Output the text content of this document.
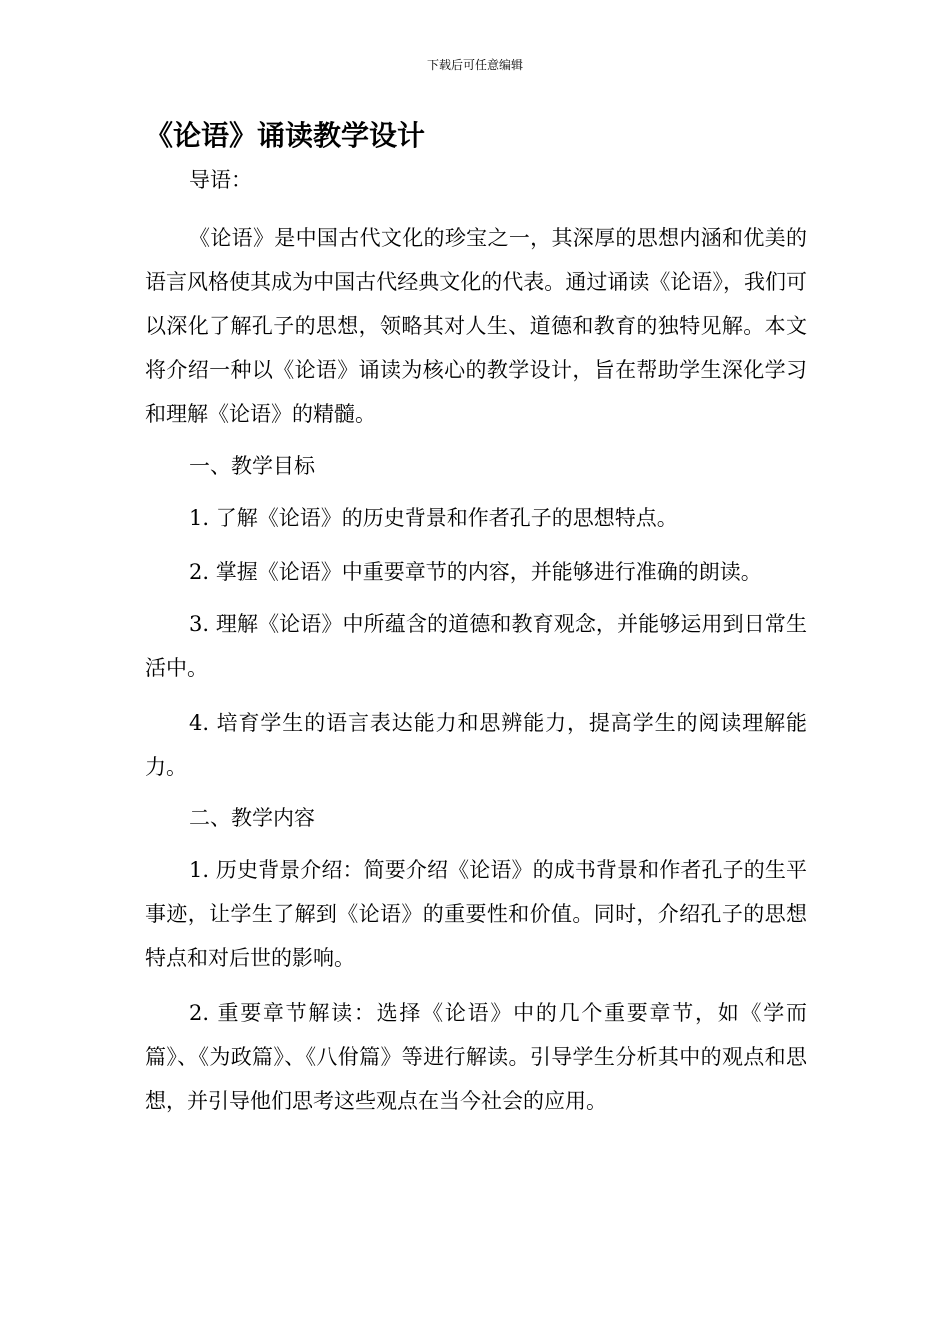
下载后可任意编辑
《论语》诵读教学设计

导语：

《论语》是中国古代文化的珍宝之一，其深厚的思想内涵和优美的语言风格使其成为中国古代经典文化的代表。通过诵读《论语》，我们可以深化了解孔子的思想，领略其对人生、道德和教育的独特见解。本文将介绍一种以《论语》诵读为核心的教学设计，旨在帮助学生深化学习和理解《论语》的精髓。

一、教学目标

1. 了解《论语》的历史背景和作者孔子的思想特点。

2. 掌握《论语》中重要章节的内容，并能够进行准确的朗读。

3. 理解《论语》中所蕴含的道德和教育观念，并能够运用到日常生活中。

4. 培育学生的语言表达能力和思辨能力，提高学生的阅读理解能力。

二、教学内容

1. 历史背景介绍：简要介绍《论语》的成书背景和作者孔子的生平事迹，让学生了解到《论语》的重要性和价值。同时，介绍孔子的思想特点和对后世的影响。

2. 重要章节解读：选择《论语》中的几个重要章节，如《学而篇》、《为政篇》、《八佾篇》等进行解读。引导学生分析其中的观点和思想，并引导他们思考这些观点在当今社会的应用。
